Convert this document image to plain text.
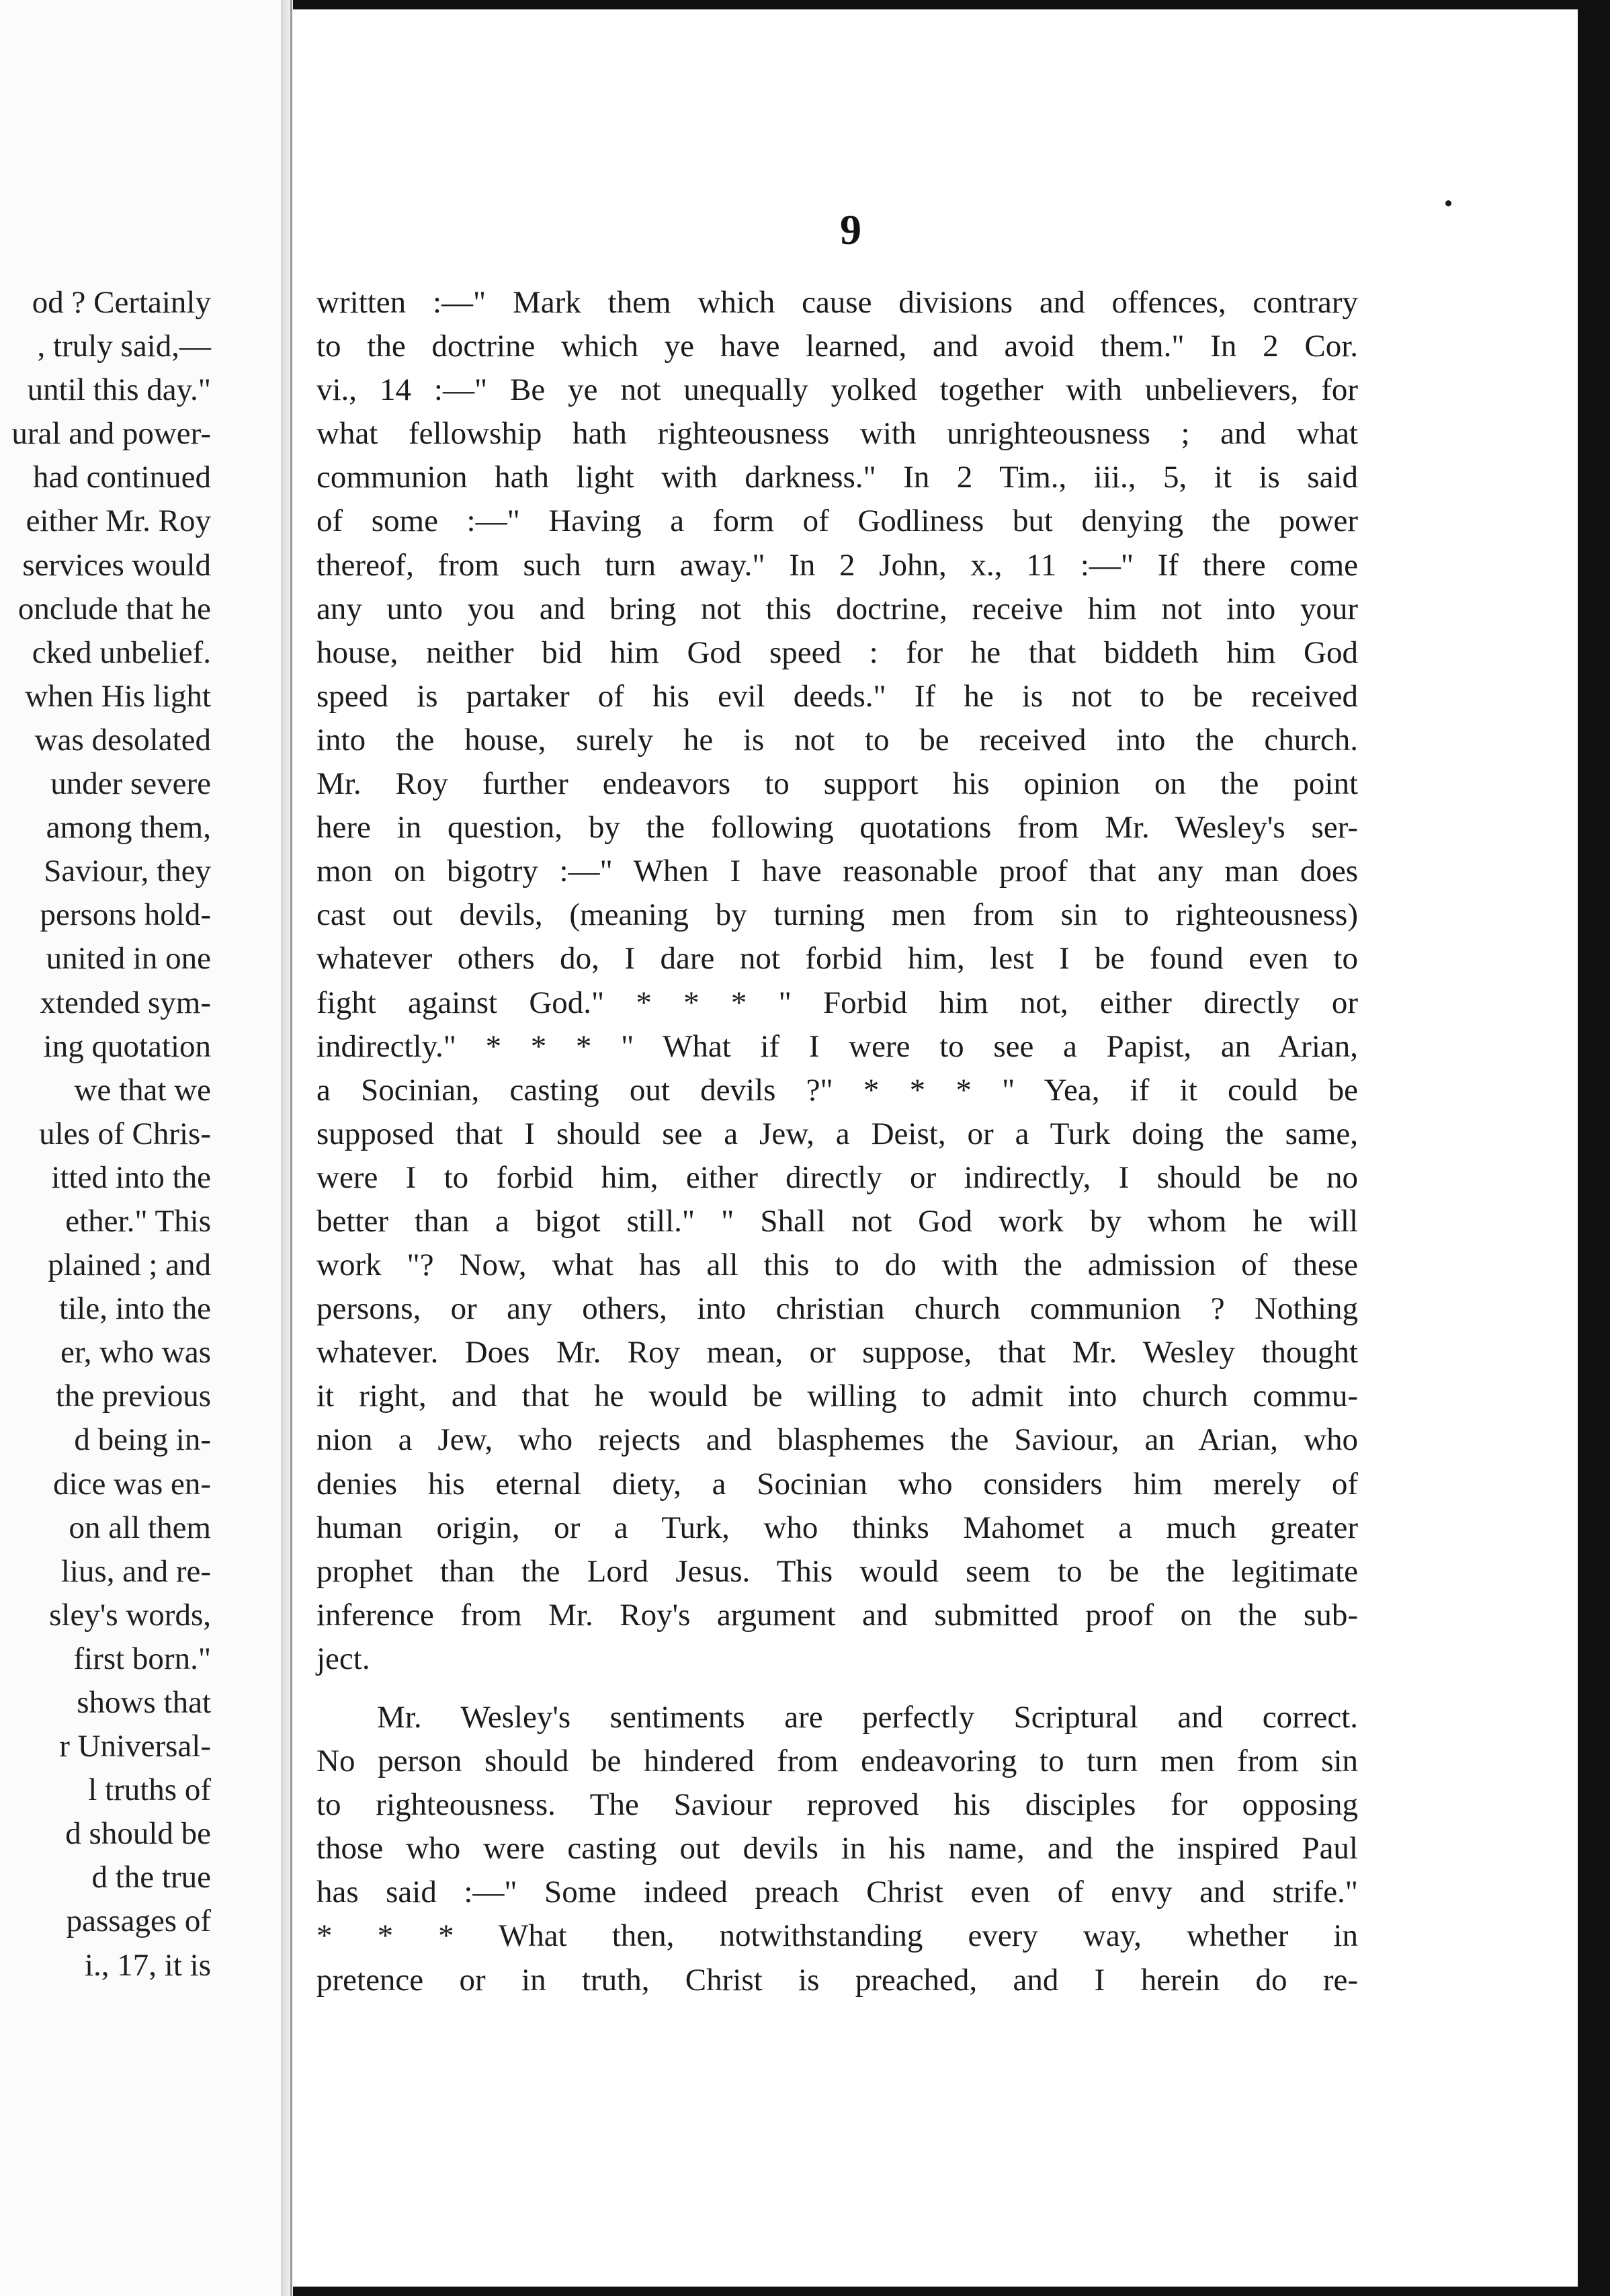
od ? Certainly
, truly said,—
until this day."
ural and power-
had continued
either Mr. Roy
services would
onclude that he
cked unbelief.
when His light
was desolated
under severe
among them,
Saviour, they
persons hold-
united in one
xtended sym-
ing quotation
we that we
ules of Chris-
itted into the
ether." This
plained ; and
tile, into the
er, who was
the previous
d being in-
dice was en-
on all them
lius, and re-
sley's words,
first born."
shows that
r Universal-
l truths of
d should be
d the true
passages of
i., 17, it is
9
written :—" Mark them which cause divisions and offences, contrary
to the doctrine which ye have learned, and avoid them." In 2 Cor.
vi., 14 :—" Be ye not unequally yolked together with unbelievers, for
what fellowship hath righteousness with unrighteousness ; and what
communion hath light with darkness." In 2 Tim., iii., 5, it is said
of some :—" Having a form of Godliness but denying the power
thereof, from such turn away." In 2 John, x., 11 :—" If there come
any unto you and bring not this doctrine, receive him not into your
house, neither bid him God speed : for he that biddeth him God
speed is partaker of his evil deeds." If he is not to be received
into the house, surely he is not to be received into the church.
Mr. Roy further endeavors to support his opinion on the point
here in question, by the following quotations from Mr. Wesley's ser-
mon on bigotry :—" When I have reasonable proof that any man does
cast out devils, (meaning by turning men from sin to righteousness)
whatever others do, I dare not forbid him, lest I be found even to
fight against God." * * * " Forbid him not, either directly or
indirectly." * * * " What if I were to see a Papist, an Arian,
a Socinian, casting out devils ?" * * * " Yea, if it could be
supposed that I should see a Jew, a Deist, or a Turk doing the same,
were I to forbid him, either directly or indirectly, I should be no
better than a bigot still." " Shall not God work by whom he will
work "? Now, what has all this to do with the admission of these
persons, or any others, into christian church communion ? Nothing
whatever. Does Mr. Roy mean, or suppose, that Mr. Wesley thought
it right, and that he would be willing to admit into church commu-
nion a Jew, who rejects and blasphemes the Saviour, an Arian, who
denies his eternal diety, a Socinian who considers him merely of
human origin, or a Turk, who thinks Mahomet a much greater
prophet than the Lord Jesus. This would seem to be the legitimate
inference from Mr. Roy's argument and submitted proof on the sub-
ject.
Mr. Wesley's sentiments are perfectly Scriptural and correct.
No person should be hindered from endeavoring to turn men from sin
to righteousness. The Saviour reproved his disciples for opposing
those who were casting out devils in his name, and the inspired Paul
has said :—" Some indeed preach Christ even of envy and strife."
* * * What then, notwithstanding every way, whether in
pretence or in truth, Christ is preached, and I herein do re-
